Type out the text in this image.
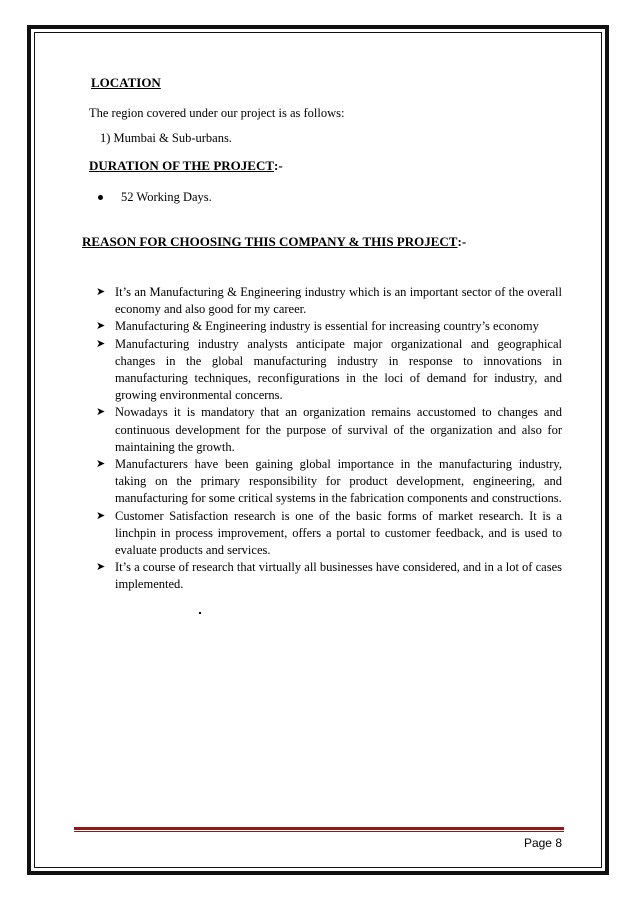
LOCATION
The region covered under our project is as follows:
1) Mumbai & Sub-urbans.
DURATION OF THE PROJECT:-
52 Working Days.
REASON FOR CHOOSING THIS COMPANY & THIS PROJECT:-
➤ It’s an Manufacturing & Engineering industry which is an important sector of the overall economy and also good for my career.
➤ Manufacturing & Engineering industry is essential for increasing country’s economy
➤ Manufacturing industry analysts anticipate major organizational and geographical changes in the global manufacturing industry in response to innovations in manufacturing techniques, reconfigurations in the loci of demand for industry, and growing environmental concerns.
➤ Nowadays it is mandatory that an organization remains accustomed to changes and continuous development for the purpose of survival of the organization and also for maintaining the growth.
➤ Manufacturers have been gaining global importance in the manufacturing industry, taking on the primary responsibility for product development, engineering, and manufacturing for some critical systems in the fabrication components and constructions.
➤ Customer Satisfaction research is one of the basic forms of market research. It is a linchpin in process improvement, offers a portal to customer feedback, and is used to evaluate products and services.
➤ It’s a course of research that virtually all businesses have considered, and in a lot of cases implemented.
Page 8
